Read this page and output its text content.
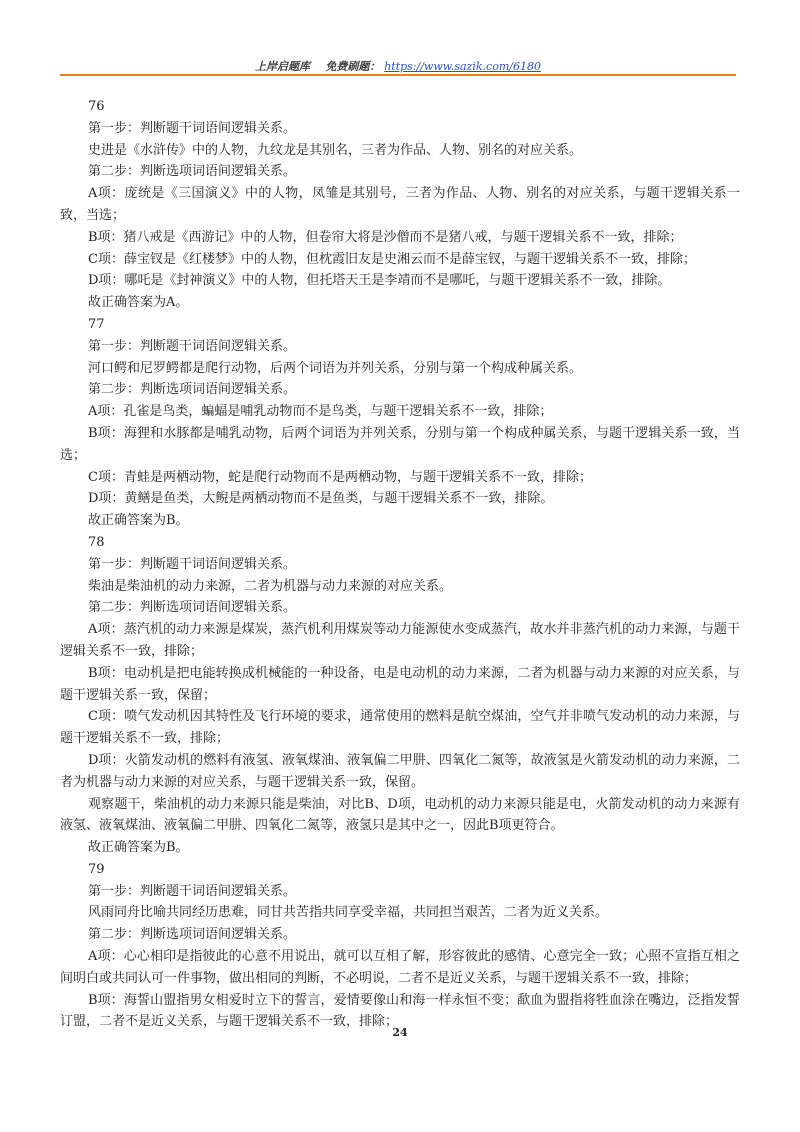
上岸启题库 免费刷题： https://www.sazik.com/6180

76

第一步：判断题干词语间逻辑关系。

史进是《水浒传》中的人物，九纹龙是其别名，三者为作品、人物、别名的对应关系。

第二步：判断选项词语间逻辑关系。

A项：庞统是《三国演义》中的人物，凤雏是其别号，三者为作品、人物、别名的对应关系，与题干逻辑关系一致，当选；

B项：猪八戒是《西游记》中的人物，但卷帘大将是沙僧而不是猪八戒，与题干逻辑关系不一致，排除；

C项：薛宝钗是《红楼梦》中的人物，但枕霞旧友是史湘云而不是薛宝钗，与题干逻辑关系不一致，排除；

D项：哪吒是《封神演义》中的人物，但托塔天王是李靖而不是哪吒，与题干逻辑关系不一致，排除。

故正确答案为A。

77

第一步：判断题干词语间逻辑关系。

河口鳄和尼罗鳄都是爬行动物，后两个词语为并列关系，分别与第一个构成种属关系。

第二步：判断选项词语间逻辑关系。

A项：孔雀是鸟类，蝙蝠是哺乳动物而不是鸟类，与题干逻辑关系不一致，排除；

B项：海狸和水豚都是哺乳动物，后两个词语为并列关系，分别与第一个构成种属关系，与题干逻辑关系一致，当选；

C项：青蛙是两栖动物，蛇是爬行动物而不是两栖动物，与题干逻辑关系不一致，排除；

D项：黄鳝是鱼类，大鲵是两栖动物而不是鱼类，与题干逻辑关系不一致，排除。

故正确答案为B。

78

第一步：判断题干词语间逻辑关系。

柴油是柴油机的动力来源，二者为机器与动力来源的对应关系。

第二步：判断选项词语间逻辑关系。

A项：蒸汽机的动力来源是煤炭，蒸汽机利用煤炭等动力能源使水变成蒸汽，故水并非蒸汽机的动力来源，与题干逻辑关系不一致，排除；

B项：电动机是把电能转换成机械能的一种设备，电是电动机的动力来源，二者为机器与动力来源的对应关系，与题干逻辑关系一致，保留；

C项：喷气发动机因其特性及飞行环境的要求，通常使用的燃料是航空煤油，空气并非喷气发动机的动力来源，与题干逻辑关系不一致，排除；

D项：火箭发动机的燃料有液氢、液氧煤油、液氧偏二甲肼、四氧化二氮等，故液氢是火箭发动机的动力来源，二者为机器与动力来源的对应关系，与题干逻辑关系一致，保留。

观察题干，柴油机的动力来源只能是柴油，对比B、D项，电动机的动力来源只能是电，火箭发动机的动力来源有液氢、液氧煤油、液氧偏二甲肼、四氧化二氮等，液氢只是其中之一，因此B项更符合。

故正确答案为B。

79

第一步：判断题干词语间逻辑关系。

风雨同舟比喻共同经历患难，同甘共苦指共同享受幸福，共同担当艰苦，二者为近义关系。

第二步：判断选项词语间逻辑关系。

A项：心心相印是指彼此的心意不用说出，就可以互相了解，形容彼此的感情、心意完全一致；心照不宣指互相之间明白或共同认可一件事物，做出相同的判断，不必明说，二者不是近义关系，与题干逻辑关系不一致，排除；

B项：海誓山盟指男女相爱时立下的誓言，爱情要像山和海一样永恒不变；歃血为盟指将牲血涂在嘴边，泛指发誓订盟，二者不是近义关系，与题干逻辑关系不一致，排除；

24
